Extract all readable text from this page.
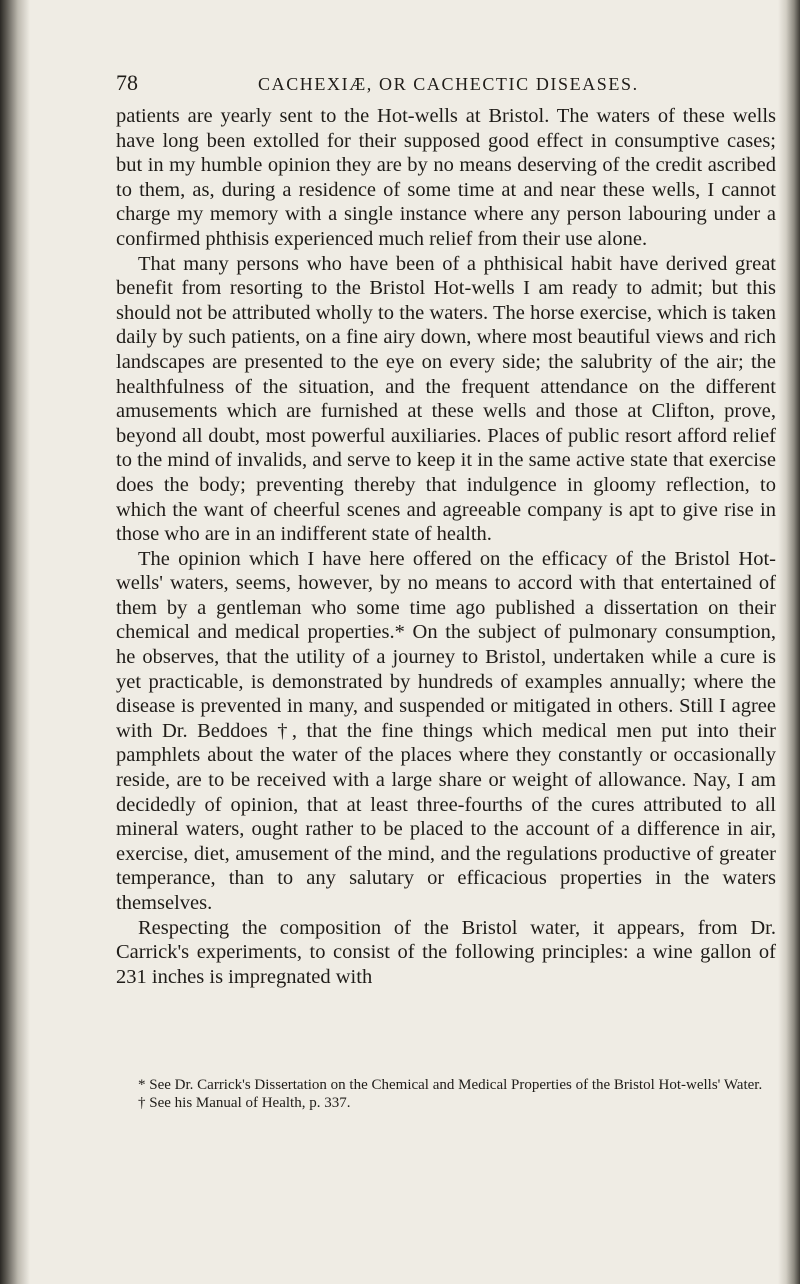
78	CACHEXIÆ, OR CACHECTIC DISEASES.

patients are yearly sent to the Hot-wells at Bristol. The waters of these wells have long been extolled for their supposed good effect in consumptive cases; but in my humble opinion they are by no means deserving of the credit ascribed to them, as, during a residence of some time at and near these wells, I cannot charge my memory with a single instance where any person labouring under a confirmed phthisis experienced much relief from their use alone.

That many persons who have been of a phthisical habit have derived great benefit from resorting to the Bristol Hot-wells I am ready to admit; but this should not be attributed wholly to the waters. The horse exercise, which is taken daily by such patients, on a fine airy down, where most beautiful views and rich landscapes are presented to the eye on every side; the salubrity of the air; the healthfulness of the situation, and the frequent attendance on the different amusements which are furnished at these wells and those at Clifton, prove, beyond all doubt, most powerful auxiliaries. Places of public resort afford relief to the mind of invalids, and serve to keep it in the same active state that exercise does the body; preventing thereby that indulgence in gloomy reflection, to which the want of cheerful scenes and agreeable company is apt to give rise in those who are in an indifferent state of health.

The opinion which I have here offered on the efficacy of the Bristol Hot-wells' waters, seems, however, by no means to accord with that entertained of them by a gentleman who some time ago published a dissertation on their chemical and medical properties.* On the subject of pulmonary consumption, he observes, that the utility of a journey to Bristol, undertaken while a cure is yet practicable, is demonstrated by hundreds of examples annually; where the disease is prevented in many, and suspended or mitigated in others. Still I agree with Dr. Beddoes †, that the fine things which medical men put into their pamphlets about the water of the places where they constantly or occasionally reside, are to be received with a large share or weight of allowance. Nay, I am decidedly of opinion, that at least three-fourths of the cures attributed to all mineral waters, ought rather to be placed to the account of a difference in air, exercise, diet, amusement of the mind, and the regulations productive of greater temperance, than to any salutary or efficacious properties in the waters themselves.

Respecting the composition of the Bristol water, it appears, from Dr. Carrick's experiments, to consist of the following principles: a wine gallon of 231 inches is impregnated with

* See Dr. Carrick's Dissertation on the Chemical and Medical Properties of the Bristol Hot-wells' Water.

† See his Manual of Health, p. 337.
